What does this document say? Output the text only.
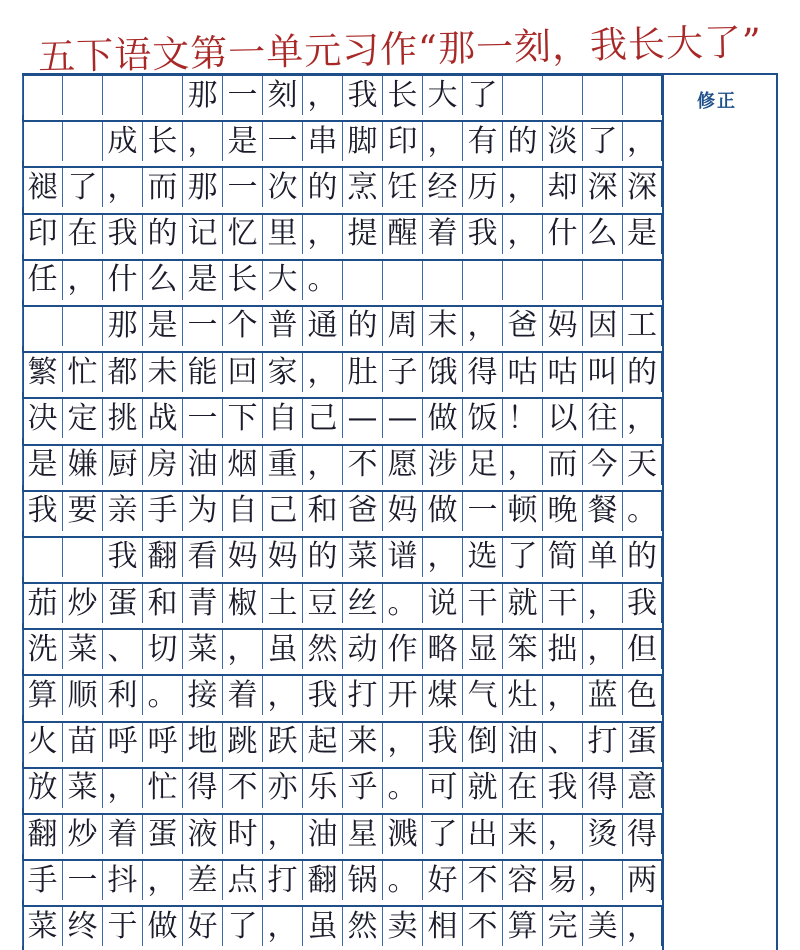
五下语文第一单元习作“那一刻，我长大了”
那 一 刻 ， 我 长 大 了
成 长 ， 是 一 串 脚 印 ， 有 的 淡 了 ，
褪 了 ， 而 那 一 次 的 烹 饪 经 历 ， 却 深 深
印 在 我 的 记 忆 里 ， 提 醒 着 我 ， 什 么 是
任 ， 什 么 是 长 大 。
那 是 一 个 普 通 的 周 末 ， 爸 妈 因 工
繁 忙 都 未 能 回 家 ， 肚 子 饿 得 咕 咕 叫 的
决 定 挑 战 一 下 自 己 — — 做 饭 ！ 以 往 ，
是 嫌 厨 房 油 烟 重 ， 不 愿 涉 足 ， 而 今 天
我 要 亲 手 为 自 己 和 爸 妈 做 一 顿 晚 餐 。
我 翻 看 妈 妈 的 菜 谱 ， 选 了 简 单 的
茄 炒 蛋 和 青 椒 土 豆 丝 。 说 干 就 干 ， 我
洗 菜 、 切 菜 ， 虽 然 动 作 略 显 笨 拙 ， 但
算 顺 利 。 接 着 ， 我 打 开 煤 气 灶 ， 蓝 色
火 苗 呼 呼 地 跳 跃 起 来 ， 我 倒 油 、 打 蛋
放 菜 ， 忙 得 不 亦 乐 乎 。 可 就 在 我 得 意
翻 炒 着 蛋 液 时 ， 油 星 溅 了 出 来 ， 烫 得
手 一 抖 ， 差 点 打 翻 锅 。 好 不 容 易 ， 两
菜 终 于 做 好 了 ， 虽 然 卖 相 不 算 完 美 ，
修正
